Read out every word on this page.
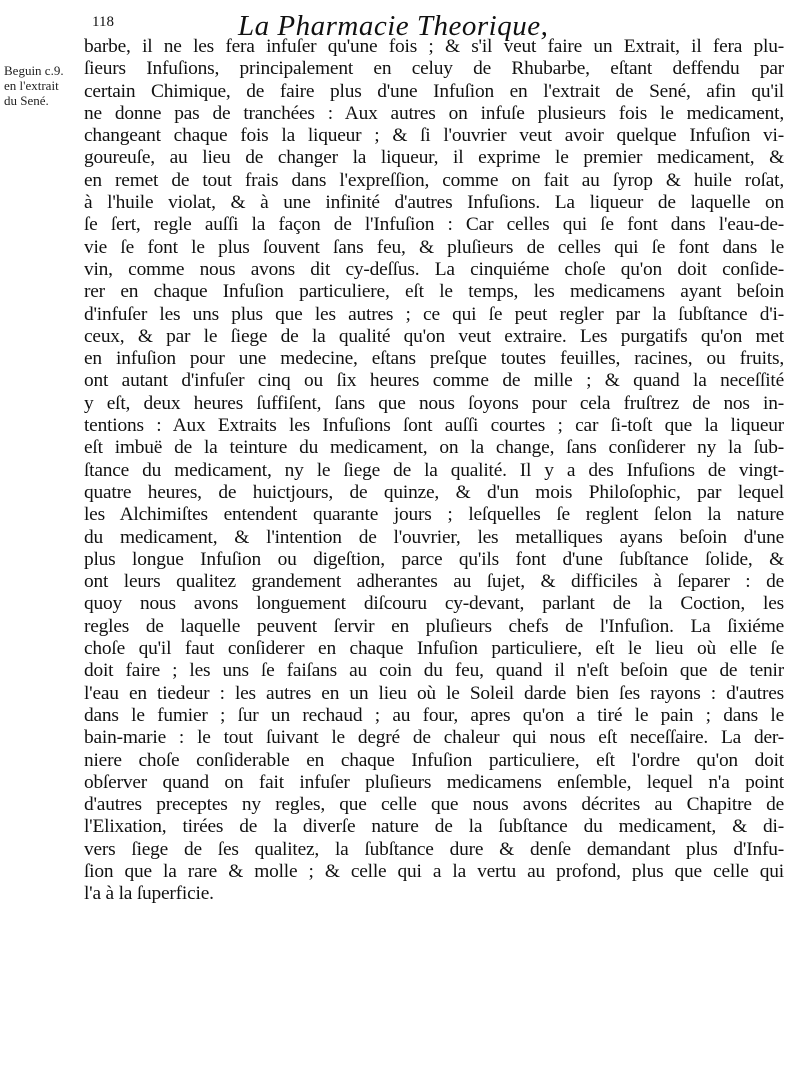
118	La Pharmacie Theorique,
Beguin c.9.
en l'extrait
du Sené.
barbe, il ne les fera infuſer qu'une fois ; & s'il veut faire un Extrait, il fera plu-
ſieurs Infuſions, principalement en celuy de Rhubarbe, eſtant deffendu par
certain Chimique, de faire plus d'une Infuſion en l'extrait de Sené, afin qu'il
ne donne pas de tranchées : Aux autres on infuſe plusieurs fois le medicament,
changeant chaque fois la liqueur ; & ſi l'ouvrier veut avoir quelque Infuſion vi-
goureuſe, au lieu de changer la liqueur, il exprime le premier medicament, &
en remet de tout frais dans l'expreſſion, comme on fait au ſyrop & huile roſat,
à l'huile violat, & à une infinité d'autres Infuſions. La liqueur de laquelle on
ſe ſert, regle auſſi la façon de l'Infuſion : Car celles qui ſe font dans l'eau-de-
vie ſe font le plus ſouvent ſans feu, & pluſieurs de celles qui ſe font dans le
vin, comme nous avons dit cy-deſſus. La cinquiéme choſe qu'on doit conſide-
rer en chaque Infuſion particuliere, eſt le temps, les medicamens ayant beſoin
d'infuſer les uns plus que les autres ; ce qui ſe peut regler par la ſubſtance d'i-
ceux, & par le ſiege de la qualité qu'on veut extraire. Les purgatifs qu'on met
en infuſion pour une medecine, eſtans preſque toutes feuilles, racines, ou fruits,
ont autant d'infuſer cinq ou ſix heures comme de mille ; & quand la neceſſité
y eſt, deux heures ſuffiſent, ſans que nous ſoyons pour cela fruſtrez de nos in-
tentions : Aux Extraits les Infuſions ſont auſſi courtes ; car ſi-toſt que la liqueur
eſt imbuë de la teinture du medicament, on la change, ſans conſiderer ny la ſub-
ſtance du medicament, ny le ſiege de la qualité. Il y a des Infuſions de vingt-
quatre heures, de huictjours, de quinze, & d'un mois Philoſophic, par lequel
les Alchimiſtes entendent quarante jours ; leſquelles ſe reglent ſelon la nature
du medicament, & l'intention de l'ouvrier, les metalliques ayans beſoin d'une
plus longue Infuſion ou digeſtion, parce qu'ils font d'une ſubſtance ſolide, &
ont leurs qualitez grandement adherantes au ſujet, & difficiles à ſeparer : de
quoy nous avons longuement diſcouru cy-devant, parlant de la Coction, les
regles de laquelle peuvent ſervir en pluſieurs chefs de l'Infuſion. La ſixiéme
choſe qu'il faut conſiderer en chaque Infuſion particuliere, eſt le lieu où elle ſe
doit faire ; les uns ſe faiſans au coin du feu, quand il n'eſt beſoin que de tenir
l'eau en tiedeur : les autres en un lieu où le Soleil darde bien ſes rayons : d'autres
dans le fumier ; ſur un rechaud ; au four, apres qu'on a tiré le pain ; dans le
bain-marie : le tout ſuivant le degré de chaleur qui nous eſt neceſſaire. La der-
niere choſe conſiderable en chaque Infuſion particuliere, eſt l'ordre qu'on doit
obſerver quand on fait infuſer pluſieurs medicamens enſemble, lequel n'a point
d'autres preceptes ny regles, que celle que nous avons décrites au Chapitre de
l'Elixation, tirées de la diverſe nature de la ſubſtance du medicament, & di-
vers ſiege de ſes qualitez, la ſubſtance dure & denſe demandant plus d'Infu-
ſion que la rare & molle ; & celle qui a la vertu au profond, plus que celle qui
l'a à la ſuperficie.
